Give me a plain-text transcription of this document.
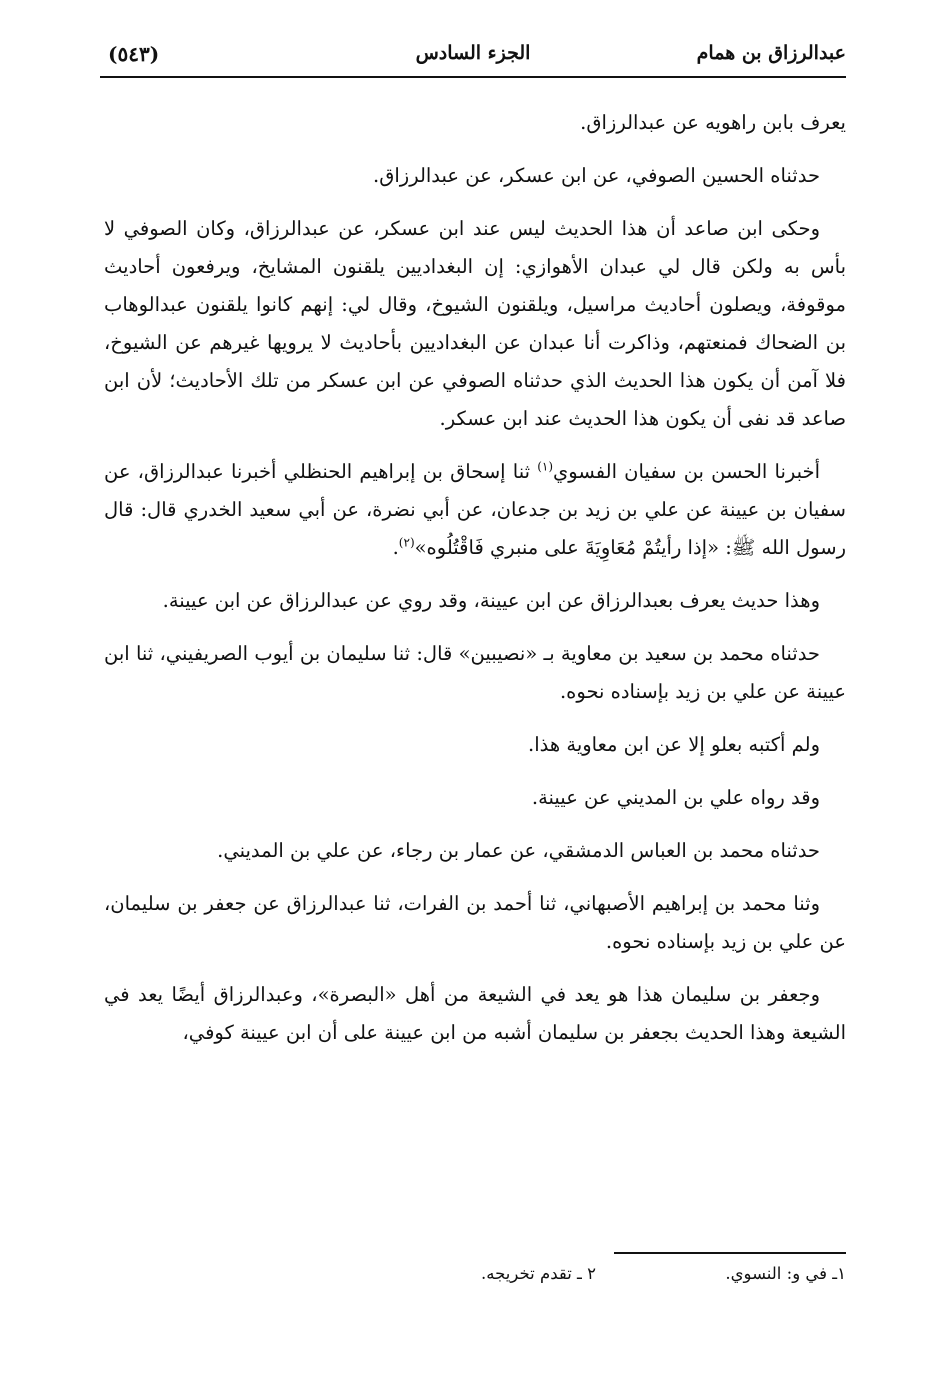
عبدالرزاق بن همام
الجزء السادس
(٥٤٣)

يعرف بابن راهويه عن عبدالرزاق.

حدثناه الحسين الصوفي، عن ابن عسكر، عن عبدالرزاق.

وحكى ابن صاعد أن هذا الحديث ليس عند ابن عسكر، عن عبدالرزاق، وكان الصوفي لا بأس به ولكن قال لي عبدان الأهوازي: إن البغداديين يلقنون المشايخ، ويرفعون أحاديث موقوفة، ويصلون أحاديث مراسيل، ويلقنون الشيوخ، وقال لي: إنهم كانوا يلقنون عبدالوهاب بن الضحاك فمنعتهم، وذاكرت أنا عبدان عن البغداديين بأحاديث لا يرويها غيرهم عن الشيوخ، فلا آمن أن يكون هذا الحديث الذي حدثناه الصوفي عن ابن عسكر من تلك الأحاديث؛ لأن ابن صاعد قد نفى أن يكون هذا الحديث عند ابن عسكر.

أخبرنا الحسن بن سفيان الفسوي$^{(١)}$ ثنا إسحاق بن إبراهيم الحنظلي أخبرنا عبدالرزاق، عن سفيان بن عيينة عن علي بن زيد بن جدعان، عن أبي نضرة، عن أبي سعيد الخدري قال: قال رسول الله ﷺ: «إذا رأيتُمْ مُعَاوِيَةَ على منبري فَاقْتُلُوه»$^{(٢)}$.

وهذا حديث يعرف بعبدالرزاق عن ابن عيينة، وقد روي عن عبدالرزاق عن ابن عيينة.

حدثناه محمد بن سعيد بن معاوية بـ «نصيبين» قال: ثنا سليمان بن أيوب الصريفيني، ثنا ابن عيينة عن علي بن زيد بإسناده نحوه.

ولم أكتبه بعلو إلا عن ابن معاوية هذا.

وقد رواه علي بن المديني عن عيينة.

حدثناه محمد بن العباس الدمشقي، عن عمار بن رجاء، عن علي بن المديني.

وثنا محمد بن إبراهيم الأصبهاني، ثنا أحمد بن الفرات، ثنا عبدالرزاق عن جعفر بن سليمان، عن علي بن زيد بإسناده نحوه.

وجعفر بن سليمان هذا هو يعد في الشيعة من أهل «البصرة»، وعبدالرزاق أيضًا يعد في الشيعة وهذا الحديث بجعفر بن سليمان أشبه من ابن عيينة على أن ابن عيينة كوفي،

١ـ في و: النسوي.
٢ ـ تقدم تخريجه.
